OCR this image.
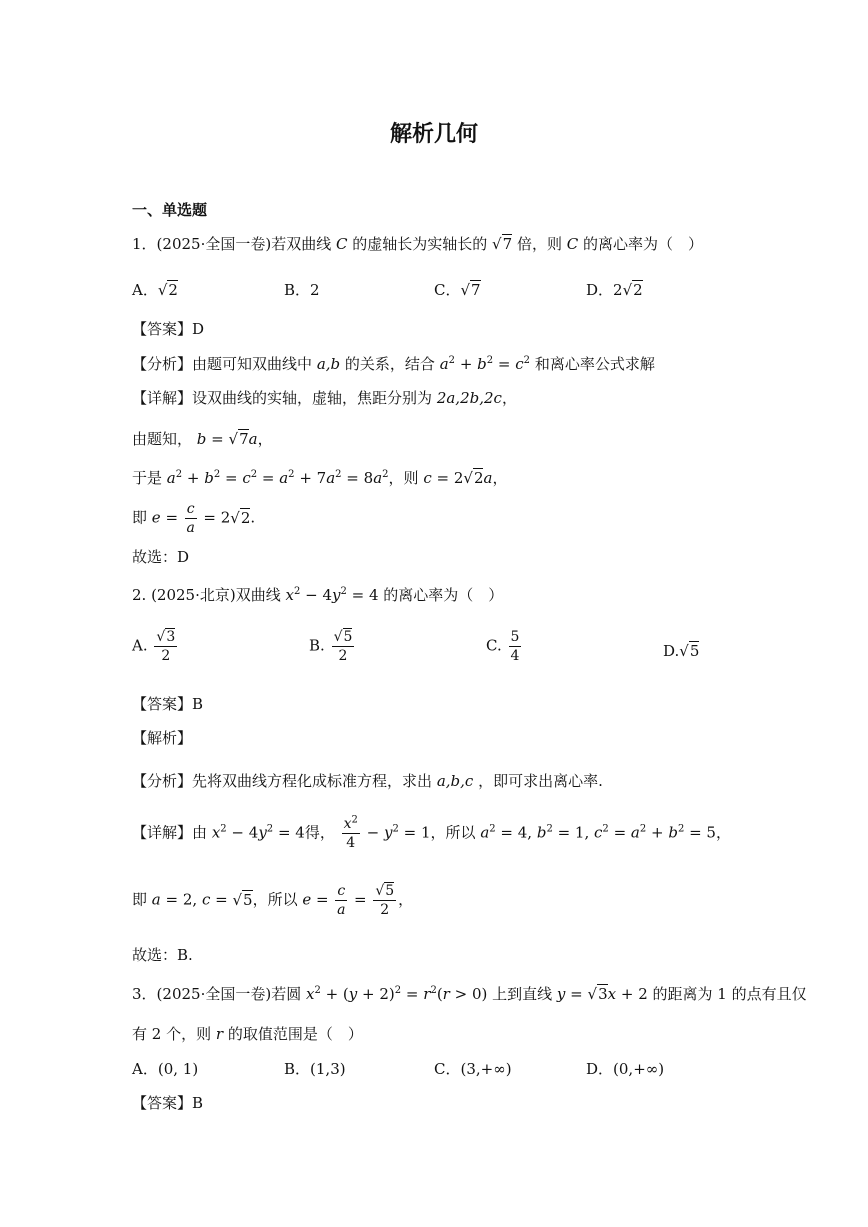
解析几何
一、单选题
1．(2025·全国一卷)若双曲线 C 的虚轴长为实轴长的 √7 倍，则 C 的离心率为（　）
A．√2	B．2	C．√7	D．2√2
【答案】D
【分析】由题可知双曲线中 a,b 的关系，结合 $a^2 + b^2 = c^2$ 和离心率公式求解
【详解】设双曲线的实轴，虚轴，焦距分别为 2a,2b,2c，
由题知， b = √7a，
于是 $a^2 + b^2 = c^2 = a^2 + 7a^2 = 8a^2$，则 c = 2√2a，
即 $e = \frac{c}{a} = 2√2$.
故选：D
2. (2025·北京)双曲线 $x^2 - 4y^2 = 4$ 的离心率为（　）
A. $\frac{√3}{2}$	B. $\frac{√5}{2}$	C. $\frac{5}{4}$	D.√5
【答案】B
【解析】
【分析】先将双曲线方程化成标准方程，求出 a,b,c ，即可求出离心率.
【详解】由 $x^2 - 4y^2 = 4$得， $\frac{x^2}{4} - y^2 = 1$，所以 $a^2 = 4$, $b^2 = 1$, $c^2 = a^2 + b^2 = 5$，
即 a = 2, c = √5，所以 $e = \frac{c}{a} = \frac{√5}{2}$ ，
故选：B.
3．(2025·全国一卷)若圆 $x^2 + (y + 2)^2 = r^2(r > 0)$ 上到直线 y = √3x + 2 的距离为 1 的点有且仅
有 2 个，则 r 的取值范围是（　）
A．(0, 1)	B．(1,3)	C．(3,+∞)	D．(0,+∞)
【答案】B
